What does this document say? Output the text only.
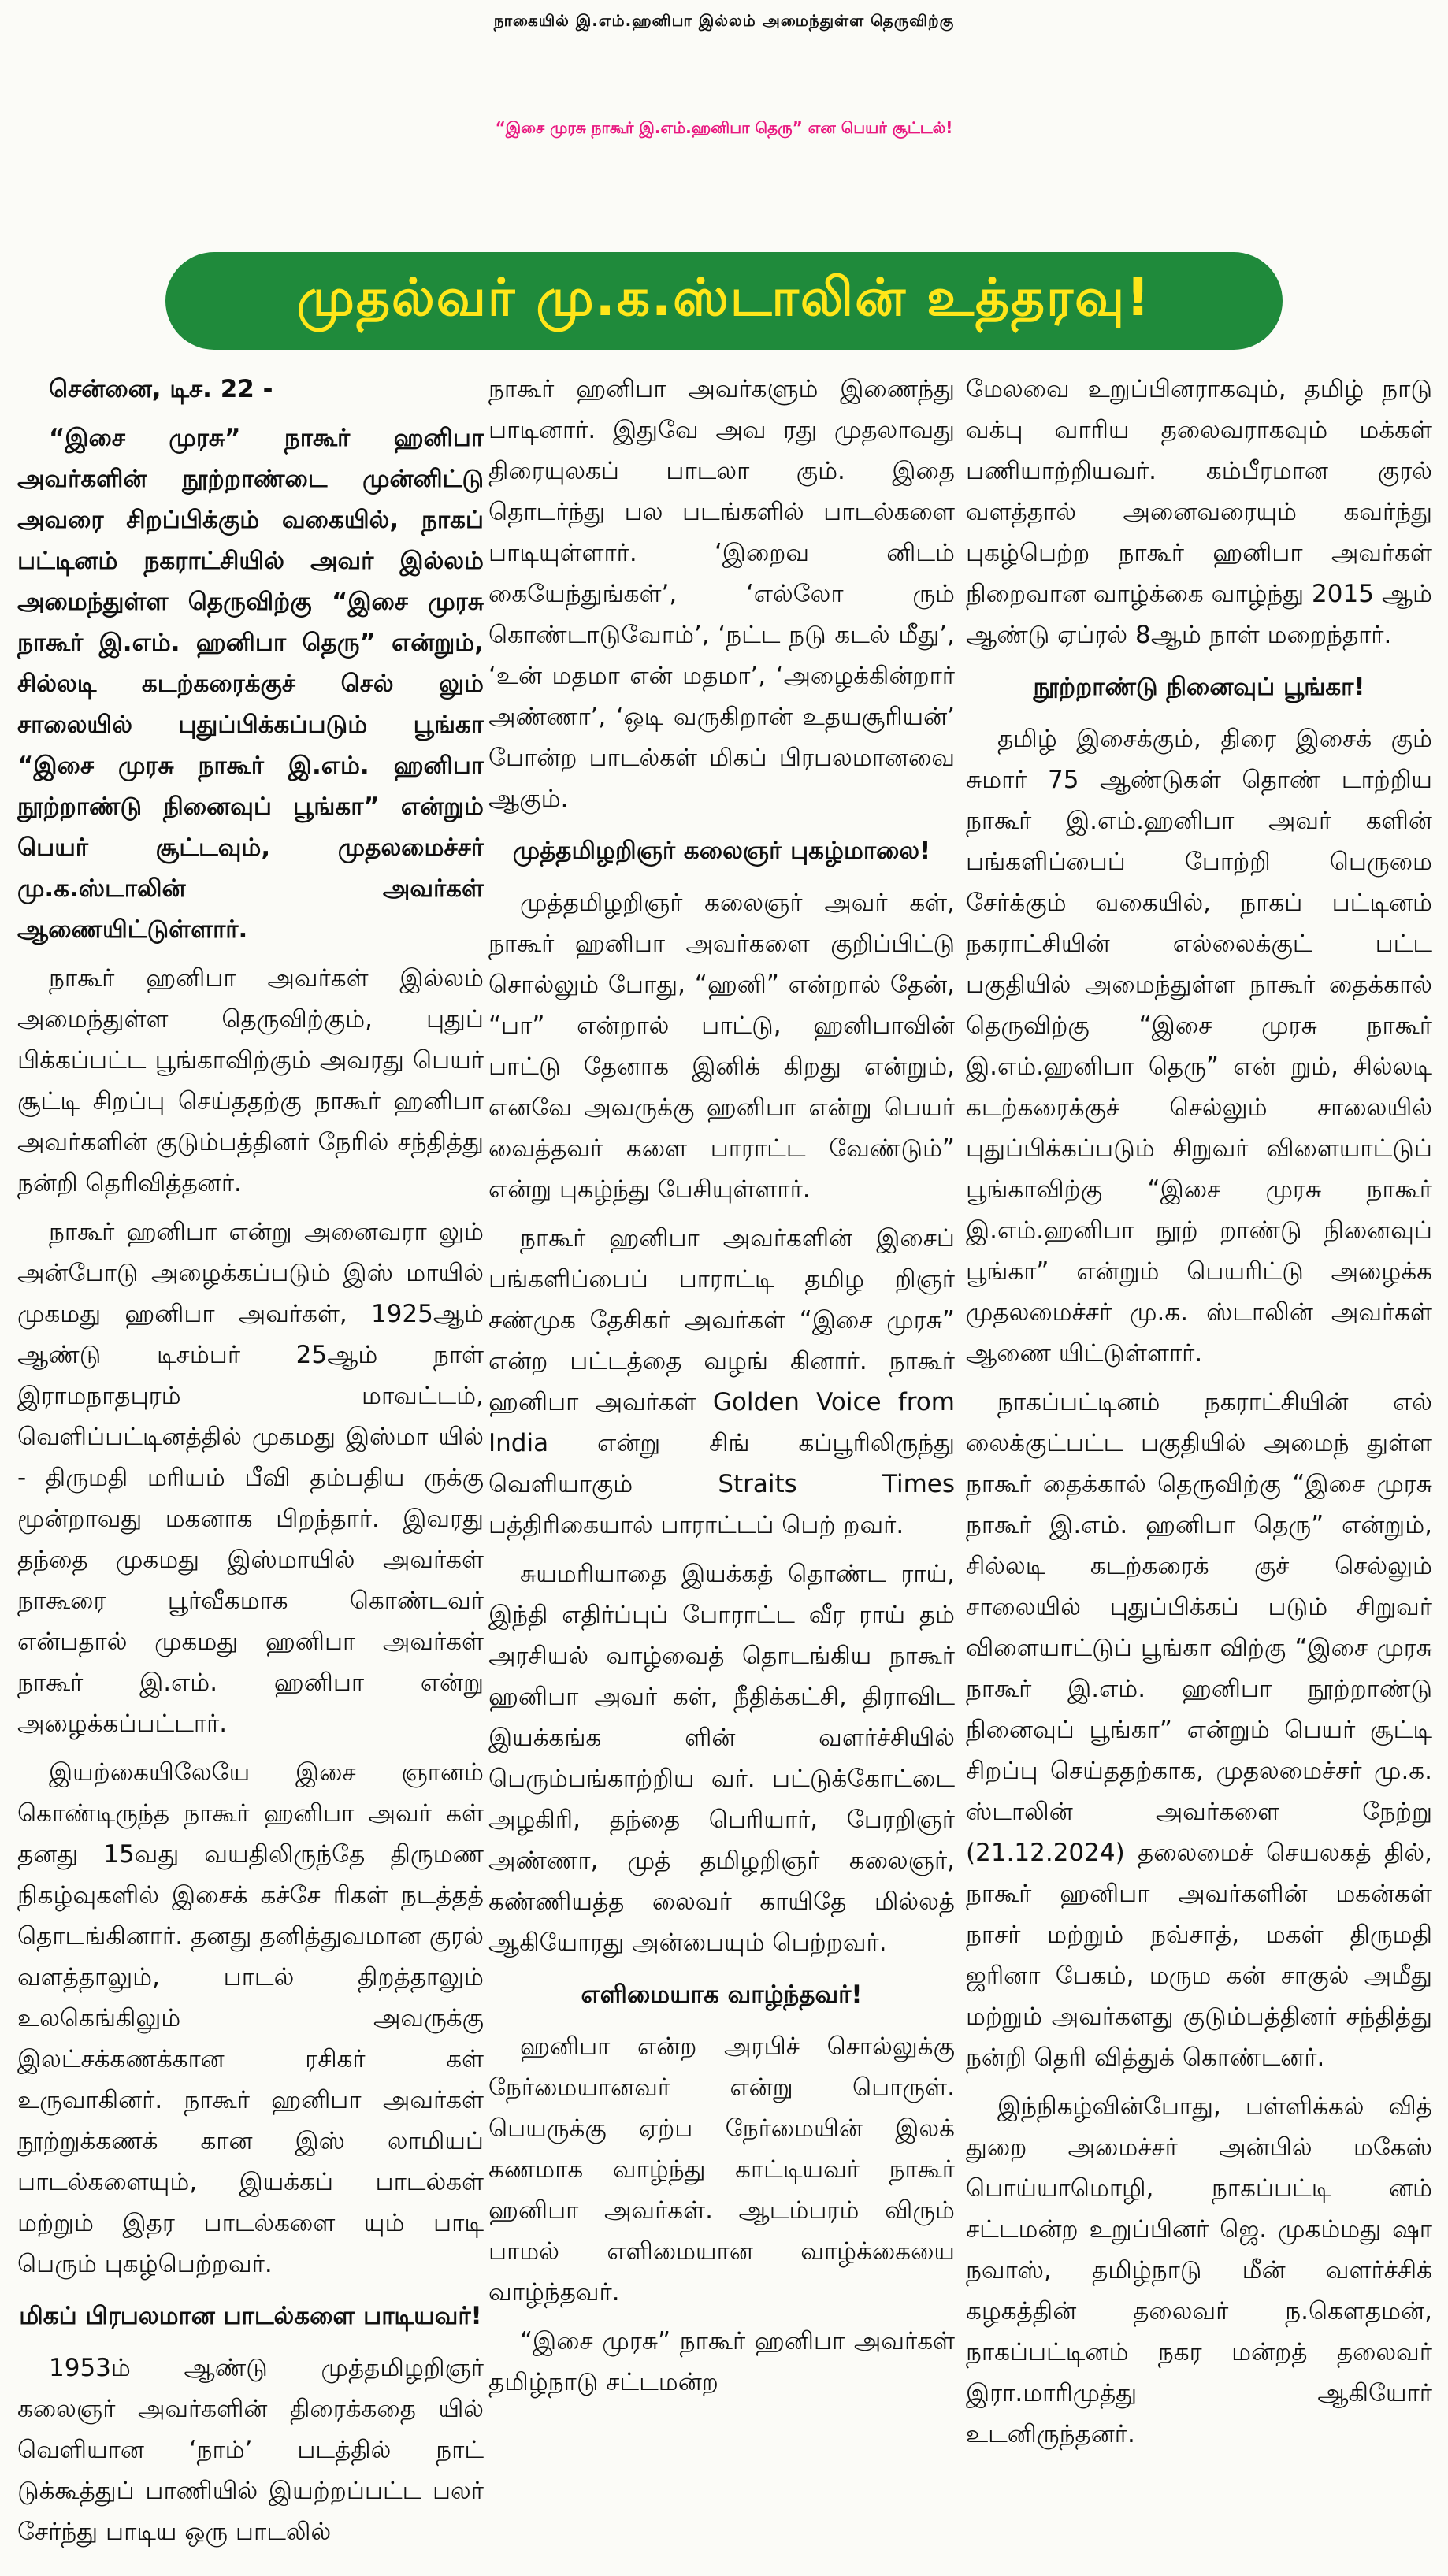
நாகையில் இ.எம்.ஹனிபா இல்லம் அமைந்துள்ள தெருவிற்கு
“இசை முரசு நாகூர் இ.எம்.ஹனிபா தெரு” என பெயர் சூட்டல்!
முதல்வர் மு.க.ஸ்டாலின் உத்தரவு!

சென்னை, டிச. 22 -

“இசை முரசு” நாகூர் ஹனிபா அவர்களின் நூற்றாண்டை முன்னிட்டு அவரை சிறப்பிக்கும் வகையில், நாகப் பட்டினம் நகராட்சியில் அவர் இல்லம் அமைந்துள்ள தெருவிற்கு “இசை முரசு நாகூர் இ.எம். ஹனிபா தெரு” என்றும், சில்லடி கடற்கரைக்குச் செல் லும் சாலையில் புதுப்பிக்கப்படும் பூங்கா “இசை முரசு நாகூர் இ.எம். ஹனிபா நூற்றாண்டு நினைவுப் பூங்கா” என்றும் பெயர் சூட்டவும், முதலமைச்சர் மு.க.ஸ்டாலின் அவர்கள் ஆணையிட்டுள்ளார்.

நாகூர் ஹனிபா அவர்கள் இல்லம் அமைந்துள்ள தெருவிற்கும், புதுப் பிக்கப்பட்ட பூங்காவிற்கும் அவரது பெயர் சூட்டி சிறப்பு செய்ததற்கு நாகூர் ஹனிபா அவர்களின் குடும்பத்தினர் நேரில் சந்தித்து நன்றி தெரிவித்தனர்.

நாகூர் ஹனிபா என்று அனைவரா லும் அன்போடு அழைக்கப்படும் இஸ் மாயில் முகமது ஹனிபா அவர்கள், 1925ஆம் ஆண்டு டிசம்பர் 25ஆம் நாள் இராமநாதபுரம் மாவட்டம், வெளிப்பட்டினத்தில் முகமது இஸ்மா யில் - திருமதி மரியம் பீவி தம்பதிய ருக்கு மூன்றாவது மகனாக பிறந்தார். இவரது தந்தை முகமது இஸ்மாயில் அவர்கள் நாகூரை பூர்வீகமாக கொண்டவர் என்பதால் முகமது ஹனிபா அவர்கள் நாகூர் இ.எம். ஹனிபா என்று அழைக்கப்பட்டார்.

இயற்கையிலேயே இசை ஞானம் கொண்டிருந்த நாகூர் ஹனிபா அவர் கள் தனது 15வது வயதிலிருந்தே திருமண நிகழ்வுகளில் இசைக் கச்சே ரிகள் நடத்தத் தொடங்கினார். தனது தனித்துவமான குரல் வளத்தாலும், பாடல் திறத்தாலும் உலகெங்கிலும் அவருக்கு இலட்சக்கணக்கான ரசிகர் கள் உருவாகினர். நாகூர் ஹனிபா அவர்கள் நூற்றுக்கணக் கான இஸ் லாமியப் பாடல்களையும், இயக்கப் பாடல்கள் மற்றும் இதர பாடல்களை யும் பாடி பெரும் புகழ்பெற்றவர்.

மிகப் பிரபலமான பாடல்களை பாடியவர்!

1953ம் ஆண்டு முத்தமிழறிஞர் கலைஞர் அவர்களின் திரைக்கதை யில் வெளியான ‘நாம்’ படத்தில் நாட் டுக்கூத்துப் பாணியில் இயற்றப்பட்ட பலர் சேர்ந்து பாடிய ஒரு பாடலில்

நாகூர் ஹனிபா அவர்களும் இணைந்து பாடினார். இதுவே அவ ரது முதலாவது திரையுலகப் பாடலா கும். இதை தொடர்ந்து பல படங்களில் பாடல்களை பாடியுள்ளார். ‘இறைவ னிடம் கையேந்துங்கள்’, ‘எல்லோ ரும் கொண்டாடுவோம்’, ‘நட்ட நடு கடல் மீது’, ‘உன் மதமா என் மதமா’, ‘அழைக்கின்றார் அண்ணா’, ‘ஒடி வருகிறான் உதயசூரியன்’ போன்ற பாடல்கள் மிகப் பிரபலமானவை ஆகும்.

முத்தமிழறிஞர் கலைஞர் புகழ்மாலை!

முத்தமிழறிஞர் கலைஞர் அவர் கள், நாகூர் ஹனிபா அவர்களை குறிப்பிட்டு சொல்லும் போது, “ஹனி” என்றால் தேன், “பா” என்றால் பாட்டு, ஹனிபாவின் பாட்டு தேனாக இனிக் கிறது என்றும், எனவே அவருக்கு ஹனிபா என்று பெயர் வைத்தவர் களை பாராட்ட வேண்டும்” என்று புகழ்ந்து பேசியுள்ளார்.

நாகூர் ஹனிபா அவர்களின் இசைப் பங்களிப்பைப் பாராட்டி தமிழ றிஞர் சண்முக தேசிகர் அவர்கள் “இசை முரசு” என்ற பட்டத்தை வழங் கினார். நாகூர் ஹனிபா அவர்கள் Golden Voice from India என்று சிங் கப்பூரிலிருந்து வெளியாகும் Straits Times பத்திரிகையால் பாராட்டப் பெற் றவர்.

சுயமரியாதை இயக்கத் தொண்ட ராய், இந்தி எதிர்ப்புப் போராட்ட வீர ராய் தம் அரசியல் வாழ்வைத் தொடங்கிய நாகூர் ஹனிபா அவர் கள், நீதிக்கட்சி, திராவிட இயக்கங்க ளின் வளர்ச்சியில் பெரும்பங்காற்றிய வர். பட்டுக்கோட்டை அழகிரி, தந்தை பெரியார், பேரறிஞர் அண்ணா, முத் தமிழறிஞர் கலைஞர், கண்ணியத்த லைவர் காயிதே மில்லத் ஆகியோரது அன்பையும் பெற்றவர்.

எளிமையாக வாழ்ந்தவர்!

ஹனிபா என்ற அரபிச் சொல்லுக்கு நேர்மையானவர் என்று பொருள். பெயருக்கு ஏற்ப நேர்மையின் இலக் கணமாக வாழ்ந்து காட்டியவர் நாகூர் ஹனிபா அவர்கள். ஆடம்பரம் விரும் பாமல் எளிமையான வாழ்க்கையை வாழ்ந்தவர்.

“இசை முரசு” நாகூர் ஹனிபா அவர்கள் தமிழ்நாடு சட்டமன்ற

மேலவை உறுப்பினராகவும், தமிழ் நாடு வக்பு வாரிய தலைவராகவும் மக்கள் பணியாற்றியவர். கம்பீரமான குரல் வளத்தால் அனைவரையும் கவர்ந்து புகழ்பெற்ற நாகூர் ஹனிபா அவர்கள் நிறைவான வாழ்க்கை வாழ்ந்து 2015 ஆம் ஆண்டு ஏப்ரல் 8ஆம் நாள் மறைந்தார்.

நூற்றாண்டு நினைவுப் பூங்கா!

தமிழ் இசைக்கும், திரை இசைக் கும் சுமார் 75 ஆண்டுகள் தொண் டாற்றிய நாகூர் இ.எம்.ஹனிபா அவர் களின் பங்களிப்பைப் போற்றி பெருமை சேர்க்கும் வகையில், நாகப் பட்டினம் நகராட்சியின் எல்லைக்குட் பட்ட பகுதியில் அமைந்துள்ள நாகூர் தைக்கால் தெருவிற்கு “இசை முரசு நாகூர் இ.எம்.ஹனிபா தெரு” என் றும், சில்லடி கடற்கரைக்குச் செல்லும் சாலையில் புதுப்பிக்கப்படும் சிறுவர் விளையாட்டுப் பூங்காவிற்கு “இசை முரசு நாகூர் இ.எம்.ஹனிபா நூற் றாண்டு நினைவுப் பூங்கா” என்றும் பெயரிட்டு அழைக்க முதலமைச்சர் மு.க. ஸ்டாலின் அவர்கள் ஆணை யிட்டுள்ளார்.

நாகப்பட்டினம் நகராட்சியின் எல் லைக்குட்பட்ட பகுதியில் அமைந் துள்ள நாகூர் தைக்கால் தெருவிற்கு “இசை முரசு நாகூர் இ.எம். ஹனிபா தெரு” என்றும், சில்லடி கடற்கரைக் குச் செல்லும் சாலையில் புதுப்பிக்கப் படும் சிறுவர் விளையாட்டுப் பூங்கா விற்கு “இசை முரசு நாகூர் இ.எம். ஹனிபா நூற்றாண்டு நினைவுப் பூங்கா” என்றும் பெயர் சூட்டி சிறப்பு செய்ததற்காக, முதலமைச்சர் மு.க. ஸ்டாலின் அவர்களை நேற்று (21.12.2024) தலைமைச் செயலகத் தில், நாகூர் ஹனிபா அவர்களின் மகன்கள் நாசர் மற்றும் நவ்சாத், மகள் திருமதி ஜரினா பேகம், மரும கன் சாகுல் அமீது மற்றும் அவர்களது குடும்பத்தினர் சந்தித்து நன்றி தெரி வித்துக் கொண்டனர்.

இந்நிகழ்வின்போது, பள்ளிக்கல் வித் துறை அமைச்சர் அன்பில் மகேஸ் பொய்யாமொழி, நாகப்பட்டி னம் சட்டமன்ற உறுப்பினர் ஜெ. முகம்மது ஷா நவாஸ், தமிழ்நாடு மீன் வளர்ச்சிக் கழகத்தின் தலைவர் ந.கௌதமன், நாகப்பட்டினம் நகர மன்றத் தலைவர் இரா.மாரிமுத்து ஆகியோர் உடனிருந்தனர்.
